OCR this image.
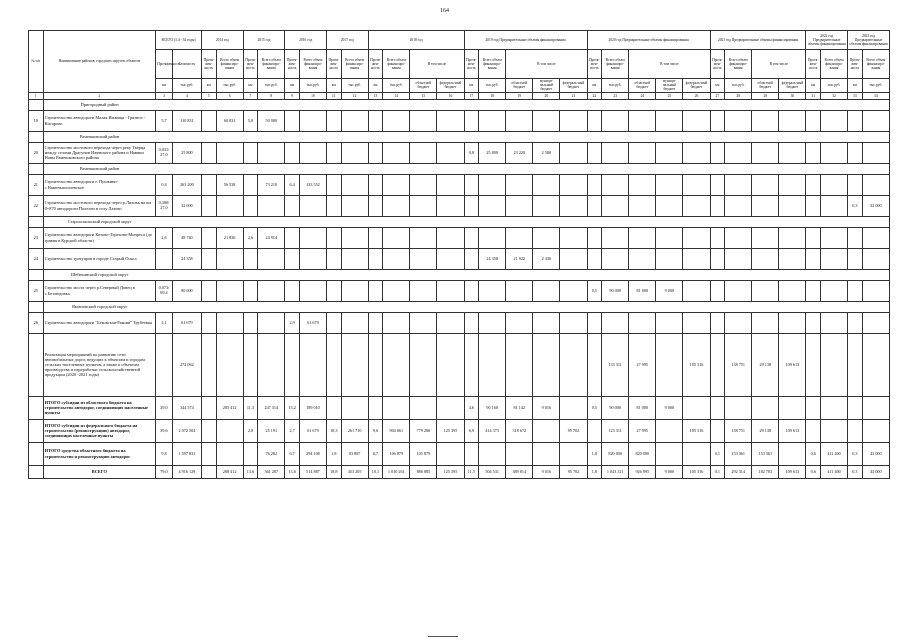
164
№ п/п	Наименование районов, городских округов, объектов	ВСЕГО (1.4 - 34 годы)		2014 год		2015 год		2016 год		2017 год		2018 год				2019 год Предварительные объемы финансирования					2020 год Предварительные объемы финансирования					2021 год Предварительные объемы финансирования				2022 год Предварительные объемы финансирования		2023 год Предварительные объемы финансирования	
		Протяженность	Стоимость	Протя-жен-ность	Всего объем финансиро-вания	Протя-жен-ность	Всего объем финансиро-вания	Протя-жен-ность	Всего объем финансиро-вания	Протя-жен-ность	Всего объем финансиро-вания	Протя-жен-ность	Всего объем финансиро-вания	В том числе		Протя-жен-ность	Всего объем финансиро-вания	В том числе			Протя-жен-ность	Всего объем финансиро-вания	В том числе			Протя-жен-ность	Всего объем финансиро-вания	В том числе		Протя-жен-ность	Всего объем финансиро-вания	Протя-жен-ность	Всего объем финансиро-вания
		км	тыс.руб.	км	тыс.руб.	км	тыс.руб.	км	тыс.руб.	км	тыс.руб.	км	тыс.руб.	областной бюджет	федераль-ный бюджет	км	тыс.руб.	областной бюджет	муници-пальный бюджет	федераль-ный бюджет	км	тыс.руб.	областной бюджет	муници-пальный бюджет	федераль-ный бюджет	км	тыс.руб.	областной бюджет	федераль-ный бюджет	км	тыс.руб.	км	тыс.руб.
1	2	3	4	5	6	7	8	9	10	11	12	13	14	15	16	17	18	19	20	21	22	23	24	25	26	27	28	29	30	31	32	33	34
	Пригородный район																																
19	Строительство автодороги Малая Ижмица - Грязное - Кисарово	5,7	110 831		60 831	5,0	50 000																										
	Рамешковский район																																
20	Строительство мостового перехода через реку Тверца между селами Драгунов Ижевского района и Навики Новы Рамешковского района	0,031/ 27,0	25 800													0,8	25 800	23 220	2 580														
	Рамешковский район																																
21	Строительство автодороги г. Пушкино- с.Наменьпошлевское	0,4	263 200		56 538		73 210	6,4	133 552																								
22	Строительство мостового перехода через р.Лиховь на км 0+870 автодороги Полелеи в селу Лазово	0,300/ 27,0	32 000																													0,3	32 000
	Старооскольский городской округ																																
23	Строительство автодороги Котово-Терехово-Монреса (до гравия в Курской области)	2,6	48 740		21 836	2,6	24 914																										
24	Строительство тротуаров в городе Старый Оскол		24 358														24 358	21 922	2 436														
	Шебекинский городской округ																																
25	Строительство моста через р.Северный Донец в с.Безлюдовка	0,073/ 69,4	90 000																		0,5	90 000	81 000	9 000									
	Яковлевский городской округ																																
26	Строительство автодороги "Бековская-Ракови" Трубеевка	2,1	61 679					2,9	61 679																								
	Реализация мероприятий по развитию сети автомобильных дорог, ведущих к объектам и городам сельских населенных пунктов, а также к объектам производства и переработки сельскохозяйственной продукции (2020 -2021 годы)		272 062																			133 311	27 995		105 316		138 751	29 138	109 613				
	ИТОГО субсидии из областного бюджета на строительство автодорог, соединяющих населенные пункты	29,0	344 574		285 412	11,3	247 314	13,2	189 010							4,6	90 160	81 142	9 016		0,5	90 000	81 000	9 000									
	ИТОГО субсидии из федерального бюджета на строительство (реконструкцию) автодорог, соединяющих населенные пункты	39,6	2 072 504			2,8	25 191	2,7	61 679	18,3	261 710	9,6	904 661	779 286	125 395	6,9	414 373	318 672		95 702		123 311	27 995		105 316		138 751	29 138	109 613				
	ИТОГО средства областного бюджета на строительство и реконструкцию автодорог	9,8	1 597 831				76 282	6,7	294 108	1,8	93 887	0,7	106 879	105 879							1,8	820 000	820 000			0,1	153 361	153 361		0,6	411 400	0,3	43 000
	ВСЕГО	79,0	4 916 129		288 412	13,6	361 287	13,6	514 887	18,8	453 205	10,1	1 010 261	886 885	125 395	11,5	504 531	389 814	9 016	95 702	1,8	1 043 311	926 995	9 000	105 316	0,1	292 314	182 703	109 613	0,6	411 400	0,3	43 000
